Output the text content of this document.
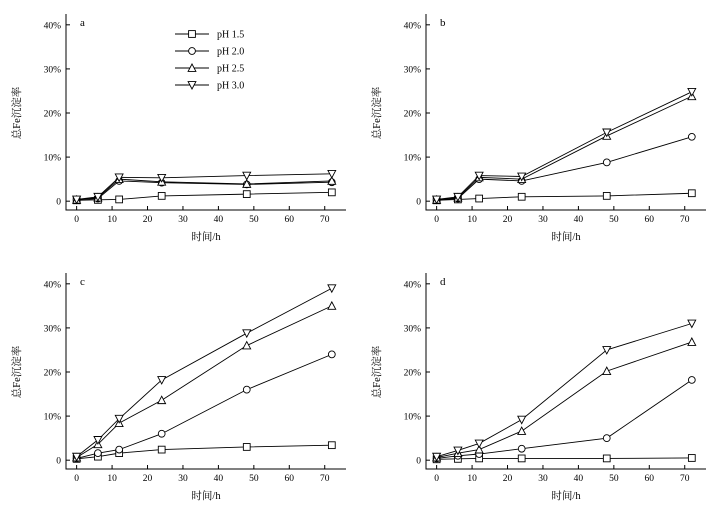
0	10	20	30	40	50	60	70
0
10%
20%
30%
40%
时间/h
总Fe沉淀率
a
pH 1.5
pH 2.0
pH 2.5
pH 3.0
0	10	20	30	40	50	60	70
0
10%
20%
30%
40%
时间/h
总Fe沉淀率
b
0	10	20	30	40	50	60	70
0
10%
20%
30%
40%
时间/h
总Fe沉淀率
c
0	10	20	30	40	50	60	70
0
10%
20%
30%
40%
时间/h
总Fe沉淀率
d
